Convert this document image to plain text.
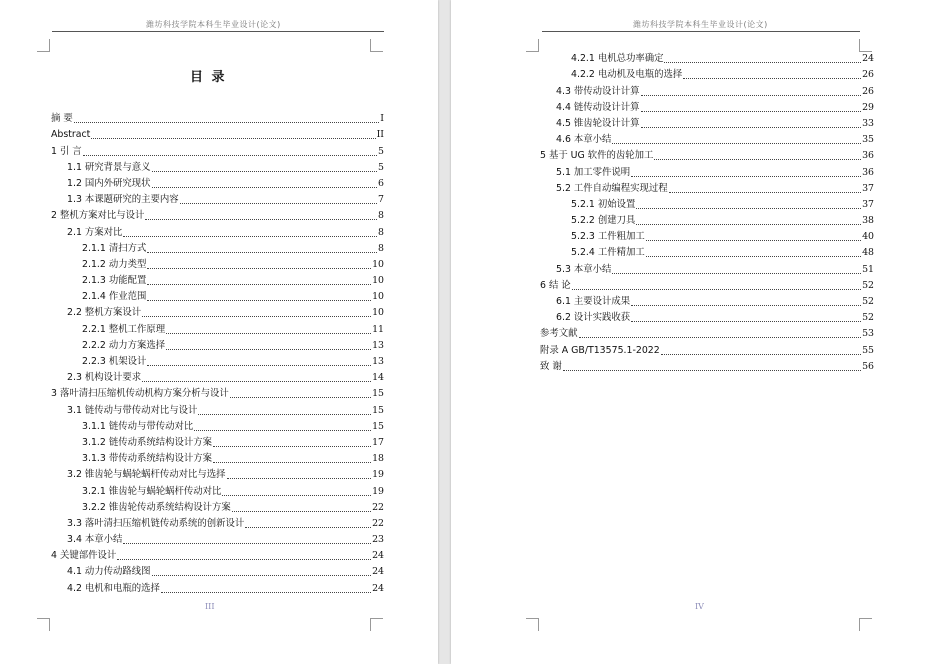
潍坊科技学院本科生毕业设计(论文)
目 录
摘 要	I
Abstract	II
1 引 言	5
1.1 研究背景与意义	5
1.2 国内外研究现状	6
1.3 本课题研究的主要内容	7
2 整机方案对比与设计	8
2.1 方案对比	8
2.1.1 清扫方式	8
2.1.2 动力类型	10
2.1.3 功能配置	10
2.1.4 作业范围	10
2.2 整机方案设计	10
2.2.1 整机工作原理	11
2.2.2 动力方案选择	13
2.2.3 机架设计	13
2.3 机构设计要求	14
3 落叶清扫压缩机传动机构方案分析与设计	15
3.1 链传动与带传动对比与设计	15
3.1.1 链传动与带传动对比	15
3.1.2 链传动系统结构设计方案	17
3.1.3 带传动系统结构设计方案	18
3.2 锥齿轮与蜗轮蜗杆传动对比与选择	19
3.2.1 锥齿轮与蜗轮蜗杆传动对比	19
3.2.2 锥齿轮传动系统结构设计方案	22
3.3 落叶清扫压缩机链传动系统的创新设计	22
3.4 本章小结	23
4 关键部件设计	24
4.1 动力传动路线图	24
4.2 电机和电瓶的选择	24
III
潍坊科技学院本科生毕业设计(论文)
4.2.1 电机总功率确定	24
4.2.2 电动机及电瓶的选择	26
4.3 带传动设计计算	26
4.4 链传动设计计算	29
4.5 锥齿轮设计计算	33
4.6 本章小结	35
5 基于 UG 软件的齿轮加工	36
5.1 加工零件说明	36
5.2 工件自动编程实现过程	37
5.2.1 初始设置	37
5.2.2 创建刀具	38
5.2.3 工件粗加工	40
5.2.4 工件精加工	48
5.3 本章小结	51
6 结 论	52
6.1 主要设计成果	52
6.2 设计实践收获	52
参考文献	53
附录 A GB/T13575.1-2022	55
致 谢	56
IV
